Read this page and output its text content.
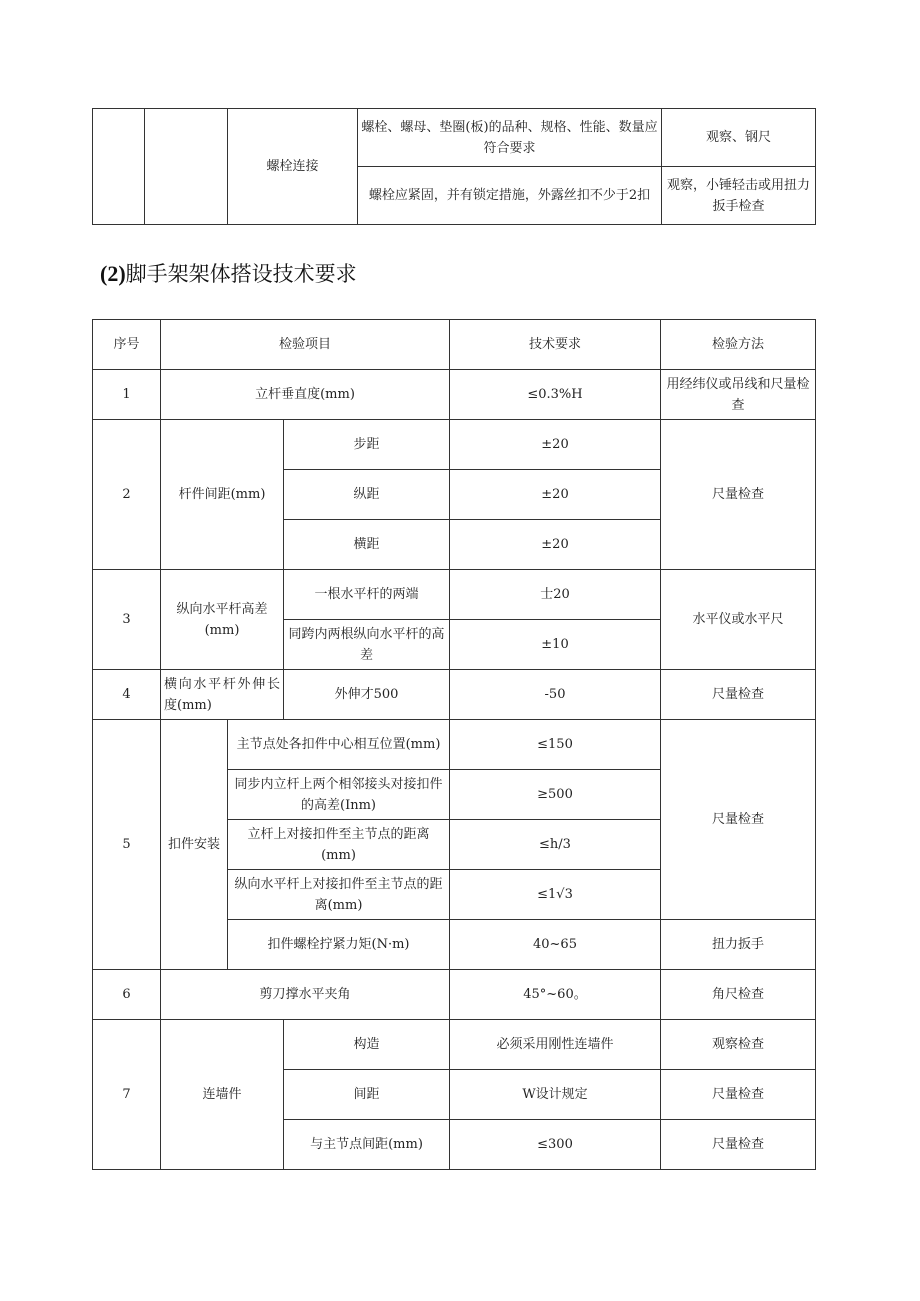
		螺栓连接	螺栓、螺母、垫圈(板)的品种、规格、性能、数量应符合要求	观察、钢尺
			螺栓应紧固，并有锁定措施，外露丝扣不少于2扣	观察，小锤轻击或用扭力扳手检查
(2)脚手架架体搭设技术要求
序号	检验项目			技术要求	检验方法
1	立杆垂直度(mm)			≤0.3%H	用经纬仪或吊线和尺量检查
2	杆件间距(mm)		步距	±20	尺量检查
			纵距	±20	
			横距	±20	
3	纵向水平杆高差(mm)		一根水平杆的两端	士20	水平仪或水平尺
			同跨内两根纵向水平杆的高差	±10	
4	横向水平杆外伸长度(mm)		外伸才500	-50	尺量检查
5	扣件安装	主节点处各扣件中心相互位置(mm)		≤150	尺量检查
		同步内立杆上两个相邻接头对接扣件的高差(Inm)		≥500	
		立杆上对接扣件至主节点的距离(mm)		≤h∕3	
		纵向水平杆上对接扣件至主节点的距离(mm)		≤1√3	
		扣件螺栓拧紧力矩(N·m)		40~65	扭力扳手
6	剪刀撑水平夹角			45°~60。	角尺检查
7	连墙件		构造	必须采用刚性连墙件	观察检查
			间距	W设计规定	尺量检查
			与主节点间距(mm)	≤300	尺量检查
